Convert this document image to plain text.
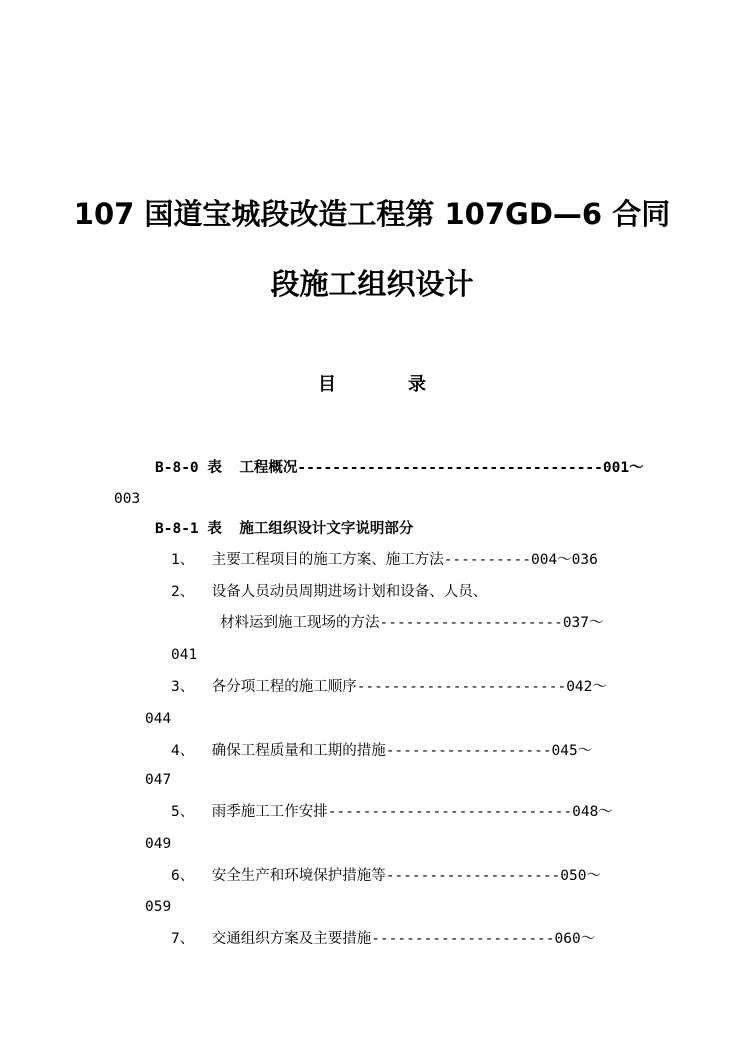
107 国道宝城段改造工程第 107GD—6 合同
段施工组织设计
目	录
B-8-0 表  工程概况-----------------------------------001～
003
B-8-1 表  施工组织设计文字说明部分
1、  主要工程项目的施工方案、施工方法----------004～036
2、  设备人员动员周期进场计划和设备、人员、
材料运到施工现场的方法---------------------037～
041
3、  各分项工程的施工顺序------------------------042～
044
4、  确保工程质量和工期的措施-------------------045～
047
5、  雨季施工工作安排----------------------------048～
049
6、  安全生产和环境保护措施等--------------------050～
059
7、  交通组织方案及主要措施---------------------060～
